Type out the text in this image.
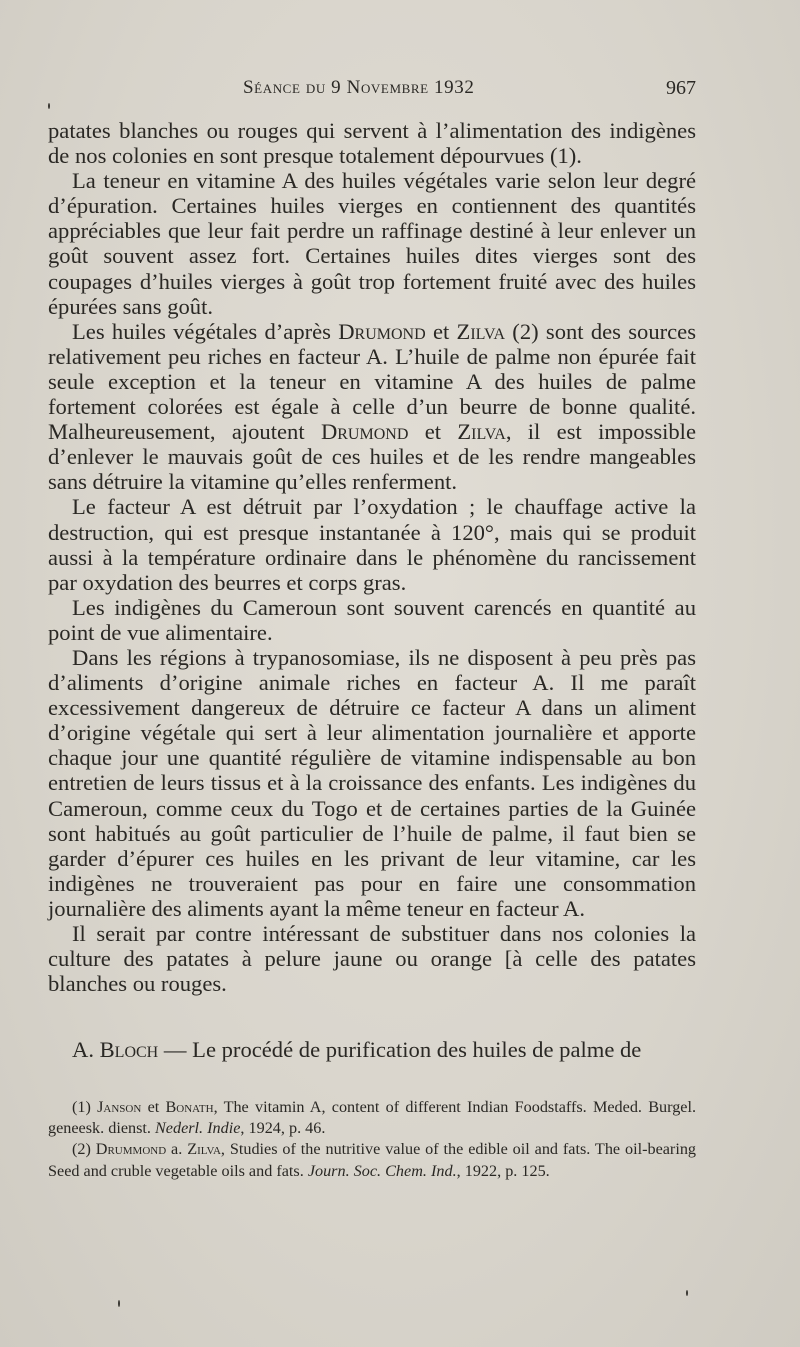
Séance du 9 Novembre 1932	967

patates blanches ou rouges qui servent à l’alimentation des indigènes de nos colonies en sont presque totalement dépourvues (1).

La teneur en vitamine A des huiles végétales varie selon leur degré d’épuration. Certaines huiles vierges en contiennent des quantités appréciables que leur fait perdre un raffinage destiné à leur enlever un goût souvent assez fort. Certaines huiles dites vierges sont des coupages d’huiles vierges à goût trop fortement fruité avec des huiles épurées sans goût.

Les huiles végétales d’après Drumond et Zilva (2) sont des sources relativement peu riches en facteur A. L’huile de palme non épurée fait seule exception et la teneur en vitamine A des huiles de palme fortement colorées est égale à celle d’un beurre de bonne qualité. Malheureusement, ajoutent Drumond et Zilva, il est impossible d’enlever le mauvais goût de ces huiles et de les rendre mangeables sans détruire la vitamine qu’elles renferment.

Le facteur A est détruit par l’oxydation ; le chauffage active la destruction, qui est presque instantanée à 120°, mais qui se produit aussi à la température ordinaire dans le phénomène du rancissement par oxydation des beurres et corps gras.

Les indigènes du Cameroun sont souvent carencés en quantité au point de vue alimentaire.

Dans les régions à trypanosomiase, ils ne disposent à peu près pas d’aliments d’origine animale riches en facteur A. Il me paraît excessivement dangereux de détruire ce facteur A dans un aliment d’origine végétale qui sert à leur alimentation journalière et apporte chaque jour une quantité régulière de vitamine indispensable au bon entretien de leurs tissus et à la croissance des enfants. Les indigènes du Cameroun, comme ceux du Togo et de certaines parties de la Guinée sont habitués au goût particulier de l’huile de palme, il faut bien se garder d’épurer ces huiles en les privant de leur vitamine, car les indigènes ne trouveraient pas pour en faire une consommation journalière des aliments ayant la même teneur en facteur A.

Il serait par contre intéressant de substituer dans nos colonies la culture des patates à pelure jaune ou orange [à celle des patates blanches ou rouges.

A. Bloch — Le procédé de purification des huiles de palme de

(1) Janson et Bonath, The vitamin A, content of different Indian Foodstaffs. Meded. Burgel. geneesk. dienst. Nederl. Indie, 1924, p. 46.

(2) Drummond a. Zilva, Studies of the nutritive value of the edible oil and fats. The oil-bearing Seed and cruble vegetable oils and fats. Journ. Soc. Chem. Ind., 1922, p. 125.
